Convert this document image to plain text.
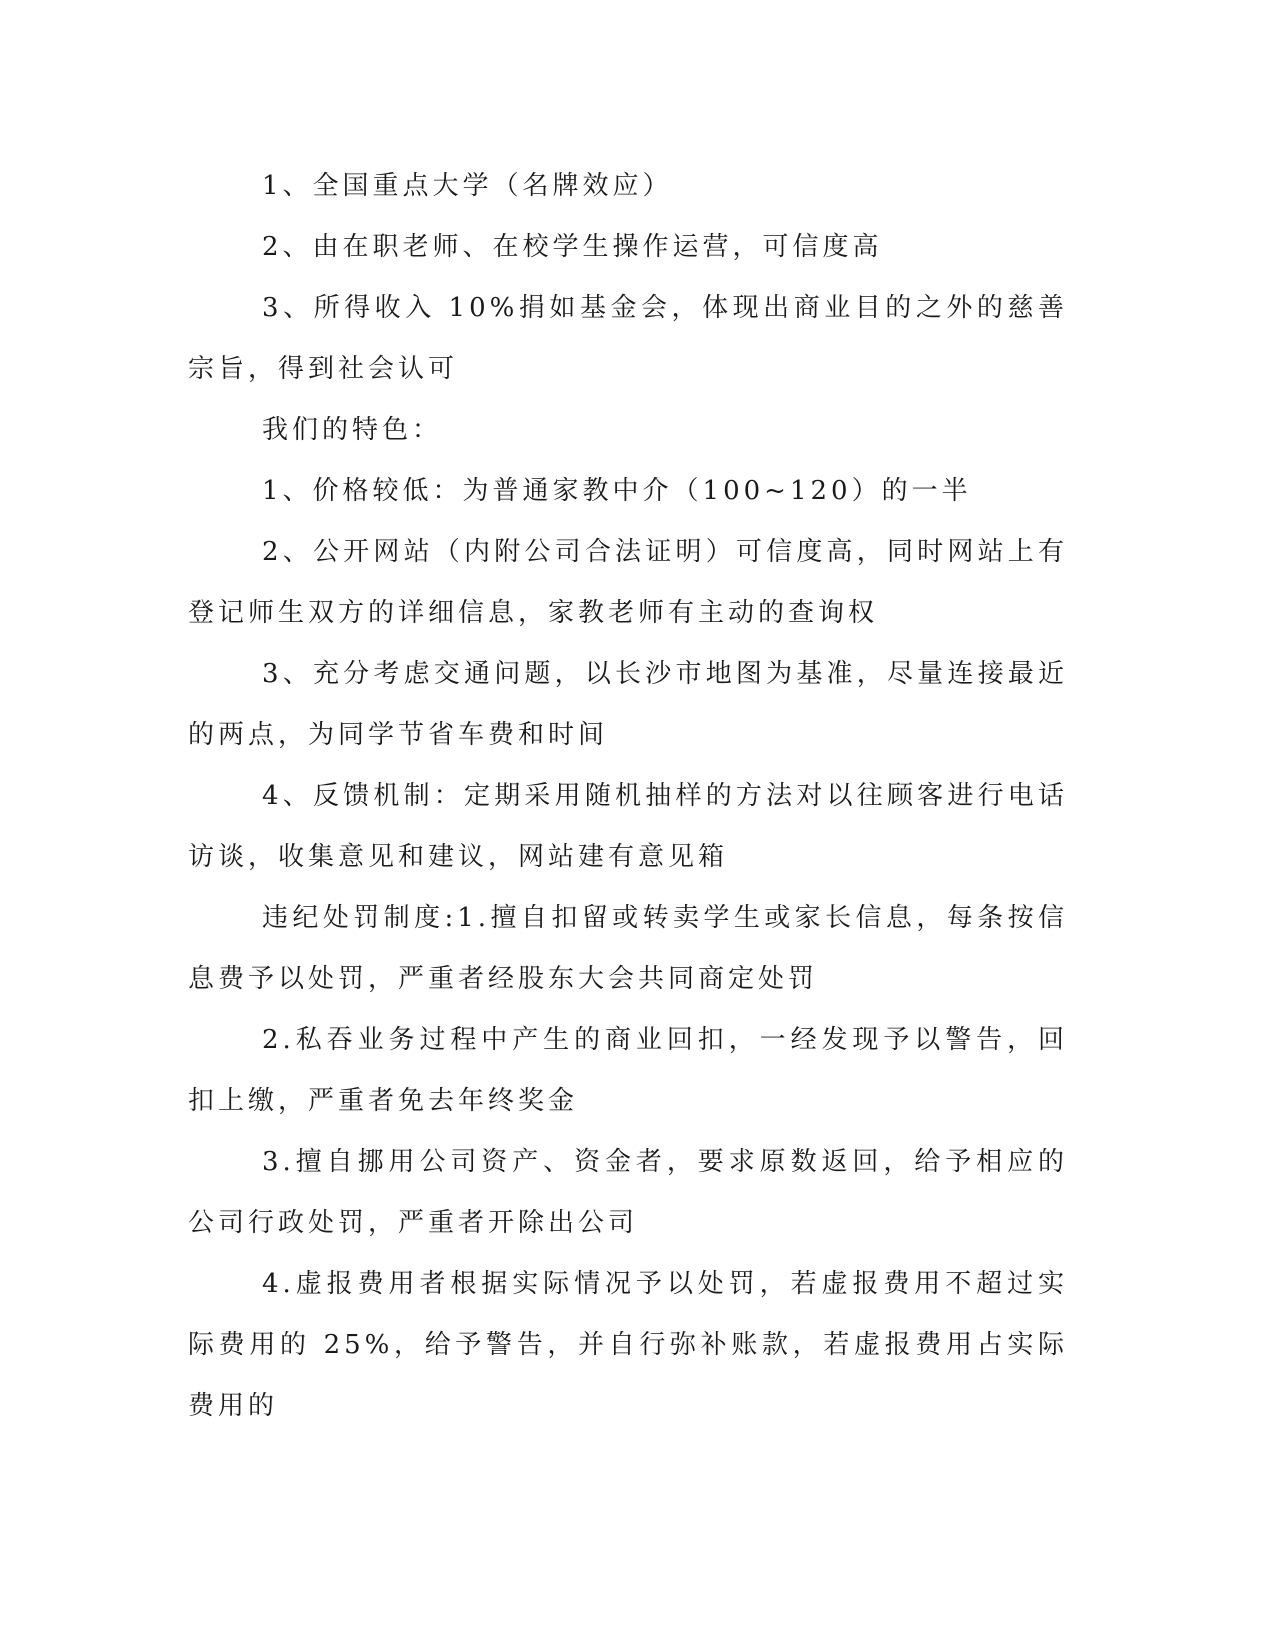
1、全国重点大学（名牌效应）

2、由在职老师、在校学生操作运营，可信度高

3、所得收入 10%捐如基金会，体现出商业目的之外的慈善宗旨，得到社会认可

我们的特色：

1、价格较低：为普通家教中介（100~120）的一半

2、公开网站（内附公司合法证明）可信度高，同时网站上有登记师生双方的详细信息，家教老师有主动的查询权

3、充分考虑交通问题，以长沙市地图为基准，尽量连接最近的两点，为同学节省车费和时间

4、反馈机制：定期采用随机抽样的方法对以往顾客进行电话访谈，收集意见和建议，网站建有意见箱

违纪处罚制度:1.擅自扣留或转卖学生或家长信息，每条按信息费予以处罚，严重者经股东大会共同商定处罚

2.私吞业务过程中产生的商业回扣，一经发现予以警告，回扣上缴，严重者免去年终奖金

3.擅自挪用公司资产、资金者，要求原数返回，给予相应的公司行政处罚，严重者开除出公司

4.虚报费用者根据实际情况予以处罚，若虚报费用不超过实际费用的 25%，给予警告，并自行弥补账款，若虚报费用占实际费用的
